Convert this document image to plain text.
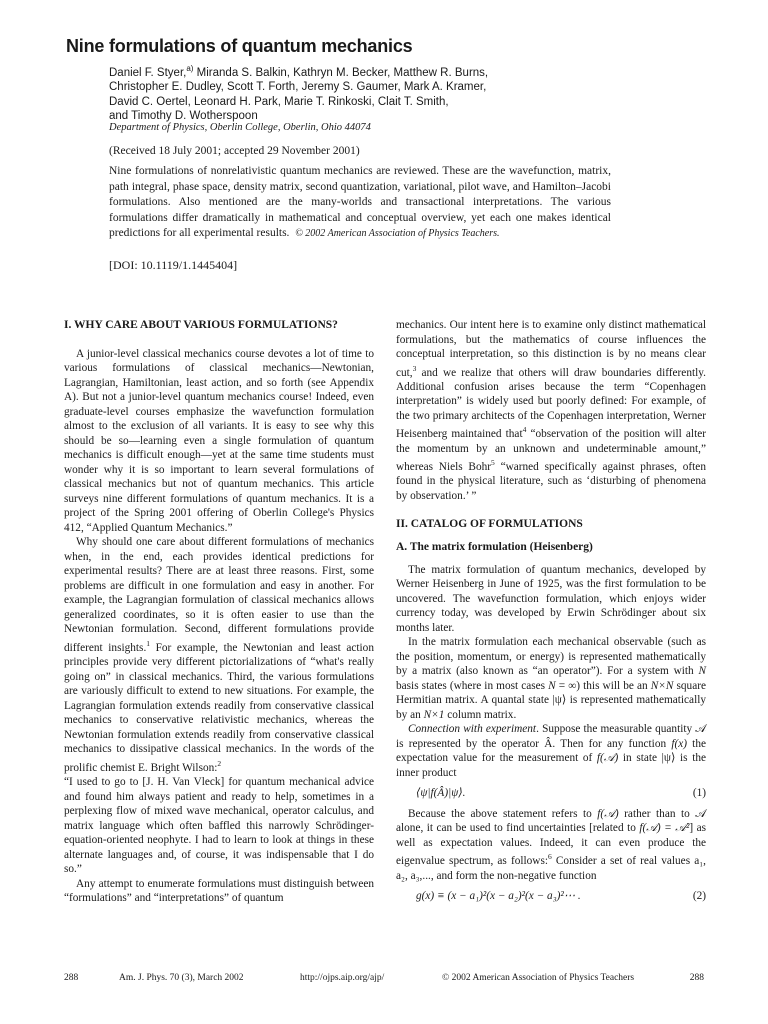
Nine formulations of quantum mechanics
Daniel F. Styer,$^{a)}$ Miranda S. Balkin, Kathryn M. Becker, Matthew R. Burns,
Christopher E. Dudley, Scott T. Forth, Jeremy S. Gaumer, Mark A. Kramer,
David C. Oertel, Leonard H. Park, Marie T. Rinkoski, Clait T. Smith,
and Timothy D. Wotherspoon
Department of Physics, Oberlin College, Oberlin, Ohio 44074
(Received 18 July 2001; accepted 29 November 2001)
Nine formulations of nonrelativistic quantum mechanics are reviewed. These are the wavefunction, matrix, path integral, phase space, density matrix, second quantization, variational, pilot wave, and Hamilton–Jacobi formulations. Also mentioned are the many-worlds and transactional interpretations. The various formulations differ dramatically in mathematical and conceptual overview, yet each one makes identical predictions for all experimental results. © 2002 American Association of Physics Teachers.
[DOI: 10.1119/1.1445404]
I. WHY CARE ABOUT VARIOUS FORMULATIONS?

A junior-level classical mechanics course devotes a lot of time to various formulations of classical mechanics—Newtonian, Lagrangian, Hamiltonian, least action, and so forth (see Appendix A). But not a junior-level quantum mechanics course! Indeed, even graduate-level courses emphasize the wavefunction formulation almost to the exclusion of all variants. It is easy to see why this should be so—learning even a single formulation of quantum mechanics is difficult enough—yet at the same time students must wonder why it is so important to learn several formulations of classical mechanics but not of quantum mechanics. This article surveys nine different formulations of quantum mechanics. It is a project of the Spring 2001 offering of Oberlin College's Physics 412, “Applied Quantum Mechanics.”

Why should one care about different formulations of mechanics when, in the end, each provides identical predictions for experimental results? There are at least three reasons. First, some problems are difficult in one formulation and easy in another. For example, the Lagrangian formulation of classical mechanics allows generalized coordinates, so it is often easier to use than the Newtonian formulation. Second, different formulations provide different insights.$^1$ For example, the Newtonian and least action principles provide very different pictorializations of “what's really going on” in classical mechanics. Third, the various formulations are variously difficult to extend to new situations. For example, the Lagrangian formulation extends readily from conservative classical mechanics to conservative relativistic mechanics, whereas the Newtonian formulation extends readily from conservative classical mechanics to dissipative classical mechanics. In the words of the prolific chemist E. Bright Wilson:$^2$

“I used to go to [J. H. Van Vleck] for quantum mechanical advice and found him always patient and ready to help, sometimes in a perplexing flow of mixed wave mechanical, operator calculus, and matrix language which often baffled this narrowly Schrödinger-equation-oriented neophyte. I had to learn to look at things in these alternate languages and, of course, it was indispensable that I do so.”

Any attempt to enumerate formulations must distinguish between “formulations” and “interpretations” of quantum

mechanics. Our intent here is to examine only distinct mathematical formulations, but the mathematics of course influences the conceptual interpretation, so this distinction is by no means clear cut,$^3$ and we realize that others will draw boundaries differently. Additional confusion arises because the term “Copenhagen interpretation” is widely used but poorly defined: For example, of the two primary architects of the Copenhagen interpretation, Werner Heisenberg maintained that$^4$ “observation of the position will alter the momentum by an unknown and undeterminable amount,” whereas Niels Bohr$^5$ “warned specifically against phrases, often found in the physical literature, such as ‘disturbing of phenomena by observation.’ ”

II. CATALOG OF FORMULATIONS
A. The matrix formulation (Heisenberg)

The matrix formulation of quantum mechanics, developed by Werner Heisenberg in June of 1925, was the first formulation to be uncovered. The wavefunction formulation, which enjoys wider currency today, was developed by Erwin Schrödinger about six months later.

In the matrix formulation each mechanical observable (such as the position, momentum, or energy) is represented mathematically by a matrix (also known as “an operator”). For a system with N basis states (where in most cases N = ∞) this will be an N×N square Hermitian matrix. A quantal state |ψ⟩ is represented mathematically by an N×1 column matrix.

Connection with experiment. Suppose the measurable quantity 𝒜 is represented by the operator Â. Then for any function f(x) the expectation value for the measurement of f(𝒜) in state |ψ⟩ is the inner product

⟨ψ|f(Â)|ψ⟩.	(1)

Because the above statement refers to f(𝒜) rather than to 𝒜 alone, it can be used to find uncertainties [related to f(𝒜) = 𝒜²] as well as expectation values. Indeed, it can even produce the eigenvalue spectrum, as follows:$^6$ Consider a set of real values a₁, a₂, a₃,..., and form the non-negative function

g(x) ≡ (x − a₁)²(x − a₂)²(x − a₃)²⋯ .	(2)
288	Am. J. Phys. 70 (3), March 2002	http://ojps.aip.org/ajp/	© 2002 American Association of Physics Teachers	288
